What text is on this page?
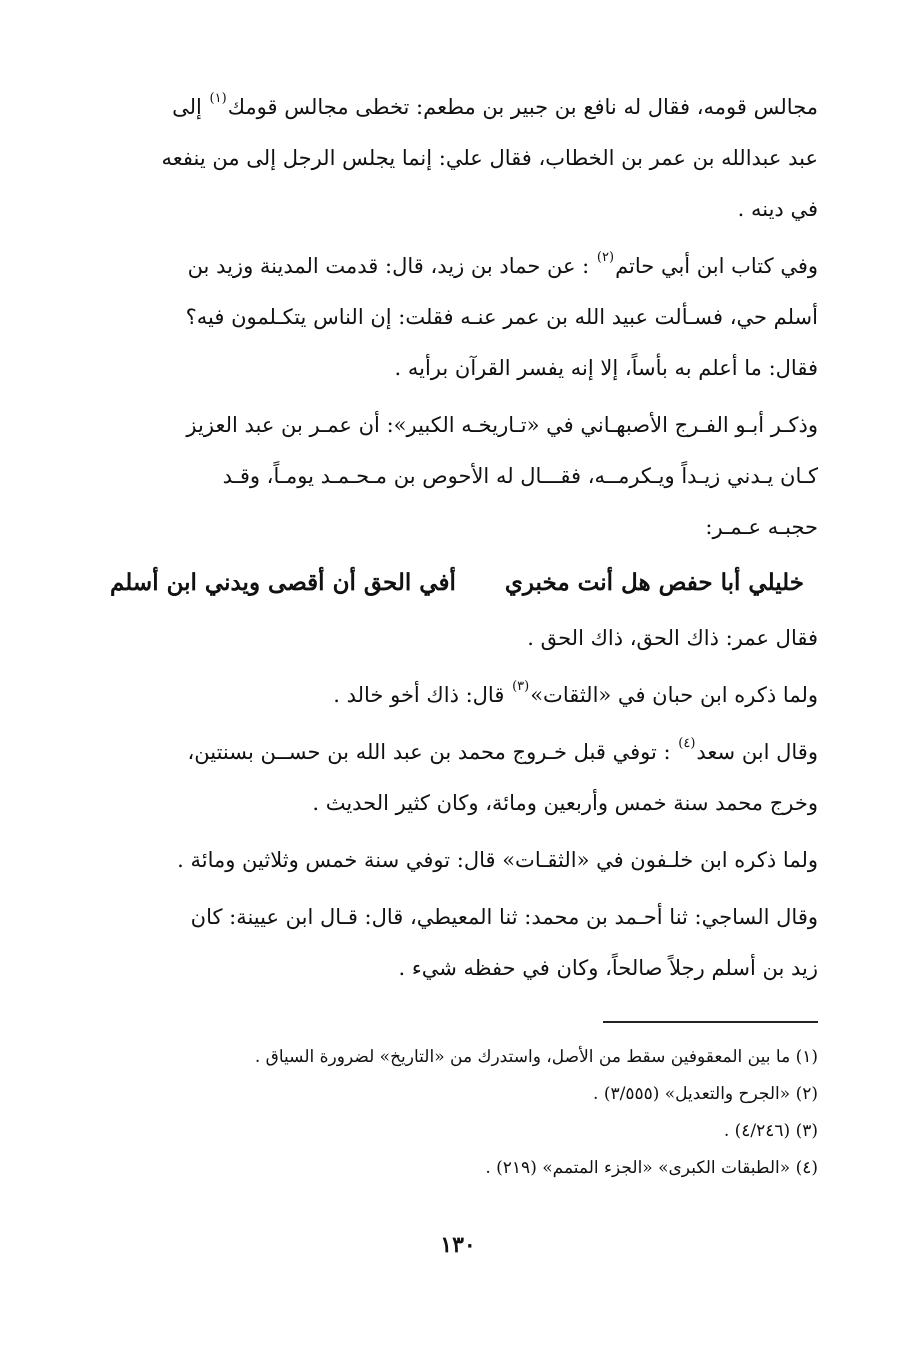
مجالس قومه، فقال له نافع بن جبير بن مطعم: تخطى مجالس قومك$^{(١)}$ إلى
عبد عبدالله بن عمر بن الخطاب، فقال علي: إنما يجلس الرجل إلى من ينفعه
في دينه .
وفي كتاب ابن أبي حاتم$^{(٢)}$ : عن حماد بن زيد، قال: قدمت المدينة وزيد بن
أسلم حي، فسـألت عبيد الله بن عمر عنـه فقلت: إن الناس يتكـلمون فيه؟
فقال: ما أعلم به بأساً، إلا إنه يفسر القرآن برأيه .
وذكـر أبـو الفـرج الأصبهـاني في «تـاريخـه الكبير»: أن عمـر بن عبد العزيز
كـان يـدني زيـداً ويـكرمــه، فقـــال له الأحوص بن مـحـمـد يومـاً، وقـد
حجبـه عـمـر:
خليلي أبا حفص هل أنت مخبري
أفي الحق أن أقصى ويدني ابن أسلم
فقال عمر: ذاك الحق، ذاك الحق .
ولما ذكره ابن حبان في «الثقات»$^{(٣)}$ قال: ذاك أخو خالد .
وقال ابن سعد$^{(٤)}$ : توفي قبل خـروج محمد بن عبد الله بن حســن بسنتين،
وخرج محمد سنة خمس وأربعين ومائة، وكان كثير الحديث .
ولما ذكره ابن خلـفون في «الثقـات» قال: توفي سنة خمس وثلاثين ومائة .
وقال الساجي: ثنا أحـمد بن محمد: ثنا المعيطي، قال: قـال ابن عيينة: كان
زيد بن أسلم رجلاً صالحاً، وكان في حفظه شيء .
(١) ما بين المعقوفين سقط من الأصل، واستدرك من «التاريخ» لضرورة السياق .
(٢) «الجرح والتعديل» (٣/٥٥٥) .
(٣) (٤/٢٤٦) .
(٤) «الطبقات الكبرى» «الجزء المتمم» (٢١٩) .
١٣٠
